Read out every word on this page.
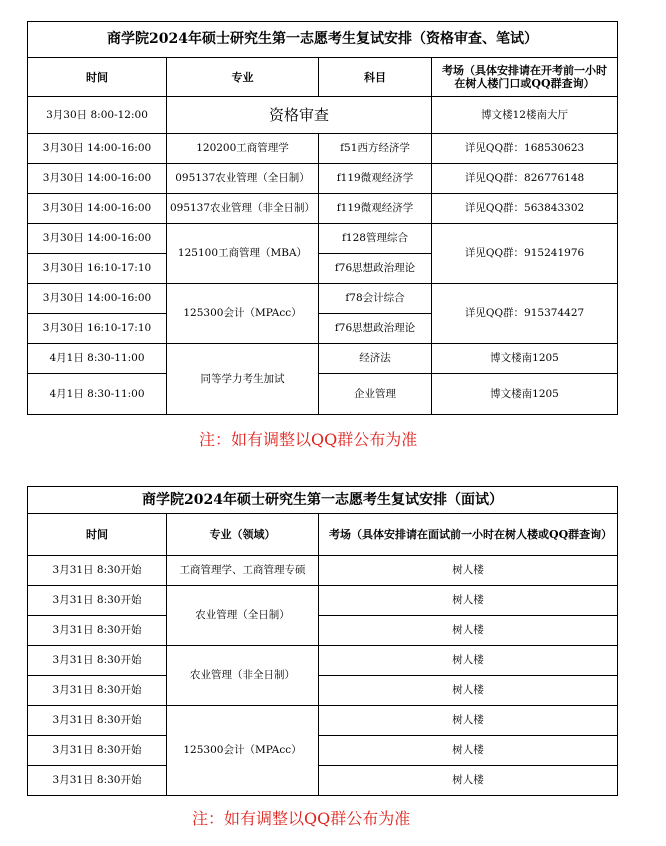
商学院2024年硕士研究生第一志愿考生复试安排（资格审查、笔试）			
时间	专业	科目	考场（具体安排请在开考前一小时在树人楼门口或QQ群查询）
3月30日 8:00-12:00	资格审查		博文楼12楼南大厅
3月30日 14:00-16:00	120200工商管理学	f51西方经济学	详见QQ群：168530623
3月30日 14:00-16:00	095137农业管理（全日制）	f119微观经济学	详见QQ群：826776148
3月30日 14:00-16:00	095137农业管理（非全日制）	f119微观经济学	详见QQ群：563843302
3月30日 14:00-16:00	125100工商管理（MBA）	f128管理综合	详见QQ群：915241976
3月30日 16:10-17:10		f76思想政治理论	
3月30日 14:00-16:00	125300会计（MPAcc）	f78会计综合	详见QQ群：915374427
3月30日 16:10-17:10		f76思想政治理论	
4月1日 8:30-11:00	同等学力考生加试	经济法	博文楼南1205
4月1日 8:30-11:00		企业管理	博文楼南1205
注：如有调整以QQ群公布为准
商学院2024年硕士研究生第一志愿考生复试安排（面试）		
时间	专业（领域）	考场（具体安排请在面试前一小时在树人楼或QQ群查询）
3月31日 8:30开始	工商管理学、工商管理专硕	树人楼
3月31日 8:30开始	农业管理（全日制）	树人楼
3月31日 8:30开始		树人楼
3月31日 8:30开始	农业管理（非全日制）	树人楼
3月31日 8:30开始		树人楼
3月31日 8:30开始	125300会计（MPAcc）	树人楼
3月31日 8:30开始		树人楼
3月31日 8:30开始		树人楼
注：如有调整以QQ群公布为准
